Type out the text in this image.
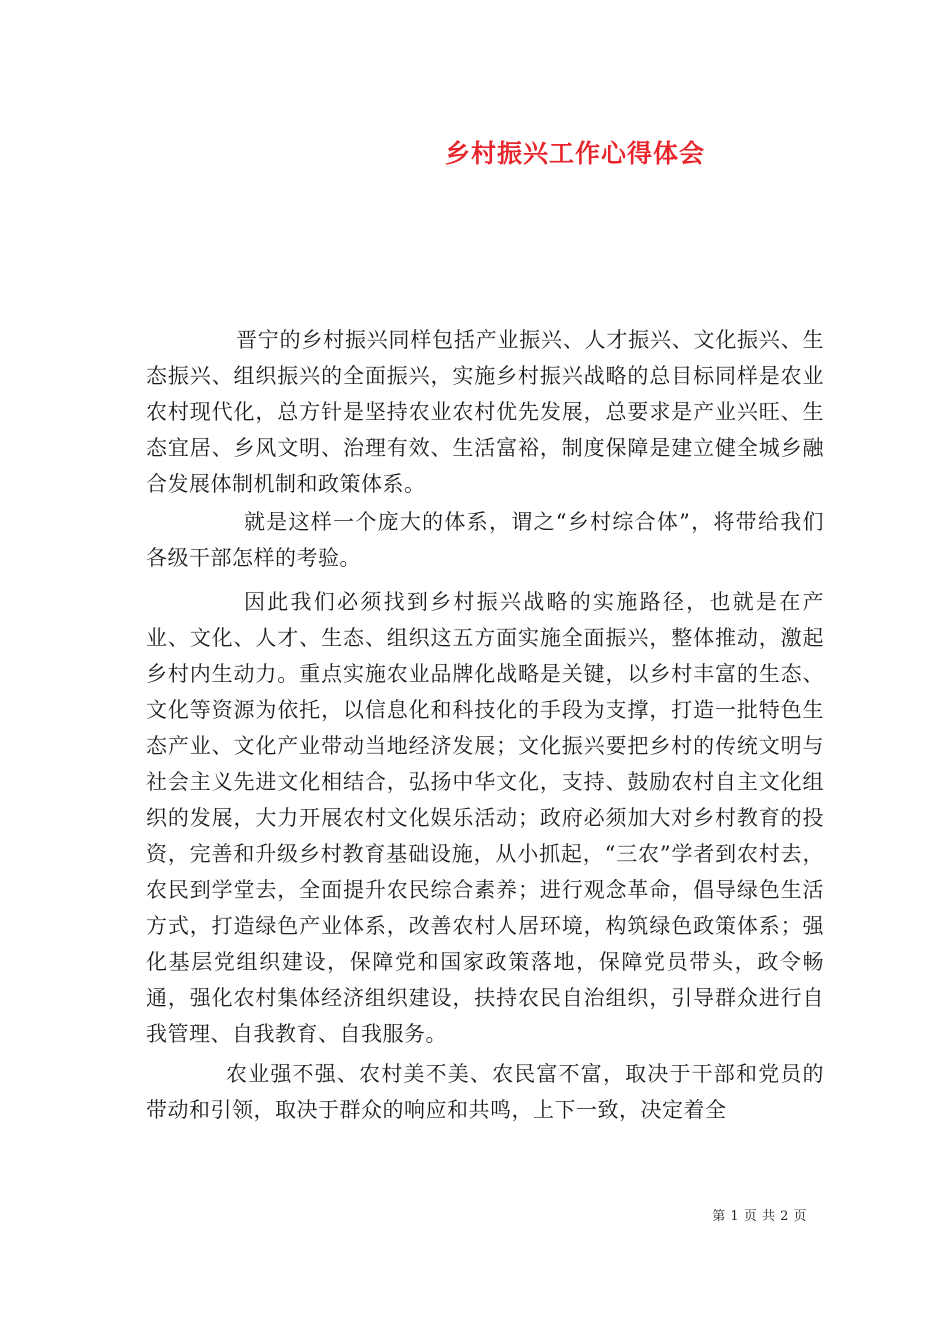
乡村振兴工作心得体会

晋宁的乡村振兴同样包括产业振兴、人才振兴、文化振兴、生态振兴、组织振兴的全面振兴，实施乡村振兴战略的总目标同样是农业农村现代化，总方针是坚持农业农村优先发展，总要求是产业兴旺、生态宜居、乡风文明、治理有效、生活富裕，制度保障是建立健全城乡融合发展体制机制和政策体系。

就是这样一个庞大的体系，谓之“乡村综合体”，将带给我们各级干部怎样的考验。

因此我们必须找到乡村振兴战略的实施路径，也就是在产业、文化、人才、生态、组织这五方面实施全面振兴，整体推动，激起乡村内生动力。重点实施农业品牌化战略是关键，以乡村丰富的生态、文化等资源为依托，以信息化和科技化的手段为支撑，打造一批特色生态产业、文化产业带动当地经济发展；文化振兴要把乡村的传统文明与社会主义先进文化相结合，弘扬中华文化，支持、鼓励农村自主文化组织的发展，大力开展农村文化娱乐活动；政府必须加大对乡村教育的投资，完善和升级乡村教育基础设施，从小抓起，“三农”学者到农村去，农民到学堂去，全面提升农民综合素养；进行观念革命，倡导绿色生活方式，打造绿色产业体系，改善农村人居环境，构筑绿色政策体系；强化基层党组织建设，保障党和国家政策落地，保障党员带头，政令畅通，强化农村集体经济组织建设，扶持农民自治组织，引导群众进行自我管理、自我教育、自我服务。

农业强不强、农村美不美、农民富不富，取决于干部和党员的带动和引领，取决于群众的响应和共鸣，上下一致，决定着全

第 1 页 共 2 页
